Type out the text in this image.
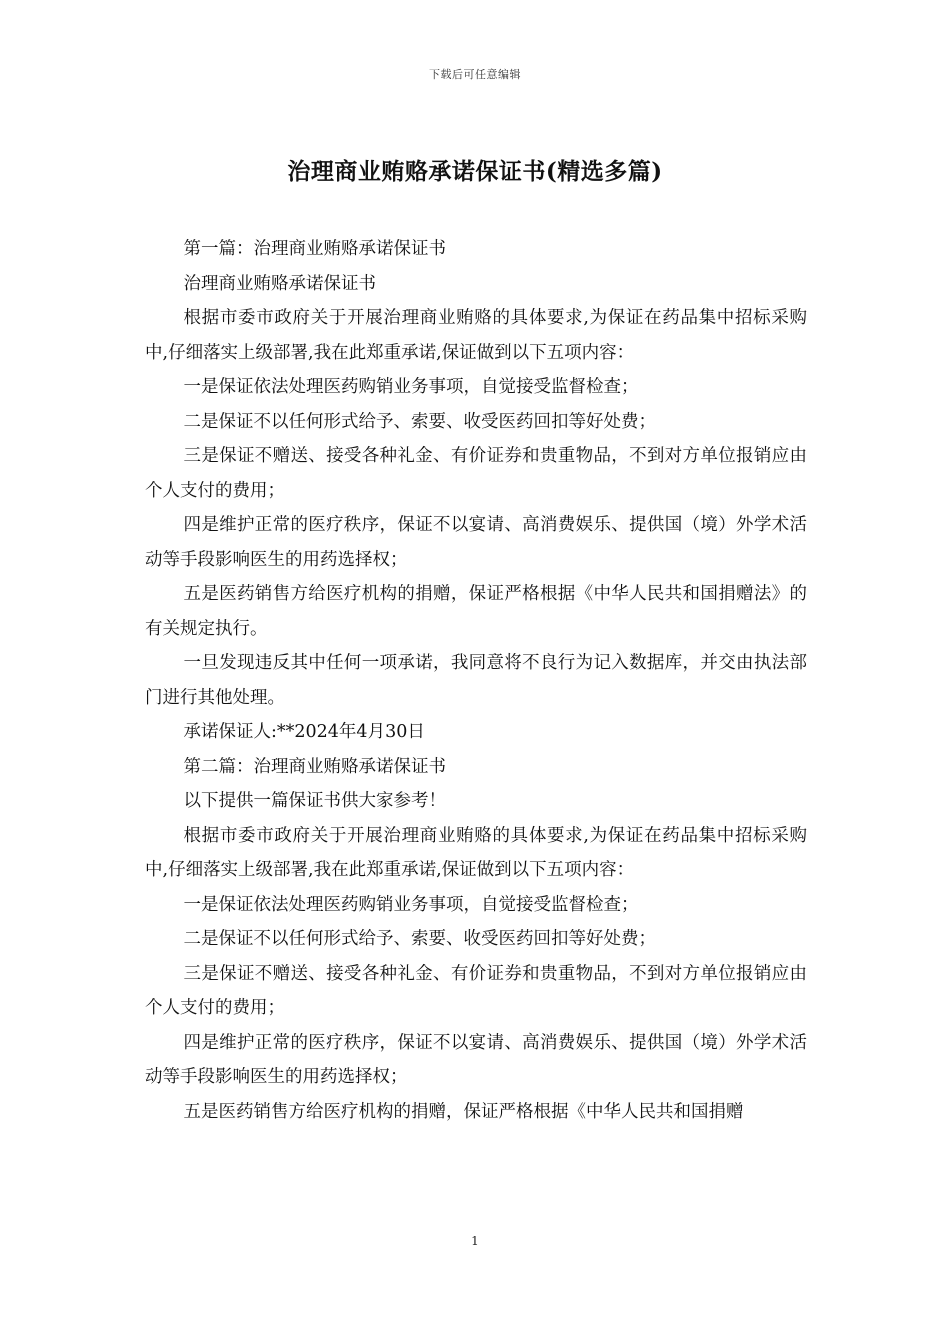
下载后可任意编辑
治理商业贿赂承诺保证书(精选多篇)

第一篇：治理商业贿赂承诺保证书

治理商业贿赂承诺保证书

根据市委市政府关于开展治理商业贿赂的具体要求,为保证在药品集中招标采购中,仔细落实上级部署,我在此郑重承诺,保证做到以下五项内容：

一是保证依法处理医药购销业务事项，自觉接受监督检查；

二是保证不以任何形式给予、索要、收受医药回扣等好处费；

三是保证不赠送、接受各种礼金、有价证券和贵重物品，不到对方单位报销应由个人支付的费用；

四是维护正常的医疗秩序，保证不以宴请、高消费娱乐、提供国（境）外学术活动等手段影响医生的用药选择权；

五是医药销售方给医疗机构的捐赠，保证严格根据《中华人民共和国捐赠法》的有关规定执行。

一旦发现违反其中任何一项承诺，我同意将不良行为记入数据库，并交由执法部门进行其他处理。

承诺保证人:**2024年4月30日

第二篇：治理商业贿赂承诺保证书

以下提供一篇保证书供大家参考！

根据市委市政府关于开展治理商业贿赂的具体要求,为保证在药品集中招标采购中,仔细落实上级部署,我在此郑重承诺,保证做到以下五项内容：

一是保证依法处理医药购销业务事项，自觉接受监督检查；

二是保证不以任何形式给予、索要、收受医药回扣等好处费；

三是保证不赠送、接受各种礼金、有价证券和贵重物品，不到对方单位报销应由个人支付的费用；

四是维护正常的医疗秩序，保证不以宴请、高消费娱乐、提供国（境）外学术活动等手段影响医生的用药选择权；

五是医药销售方给医疗机构的捐赠，保证严格根据《中华人民共和国捐赠

1
